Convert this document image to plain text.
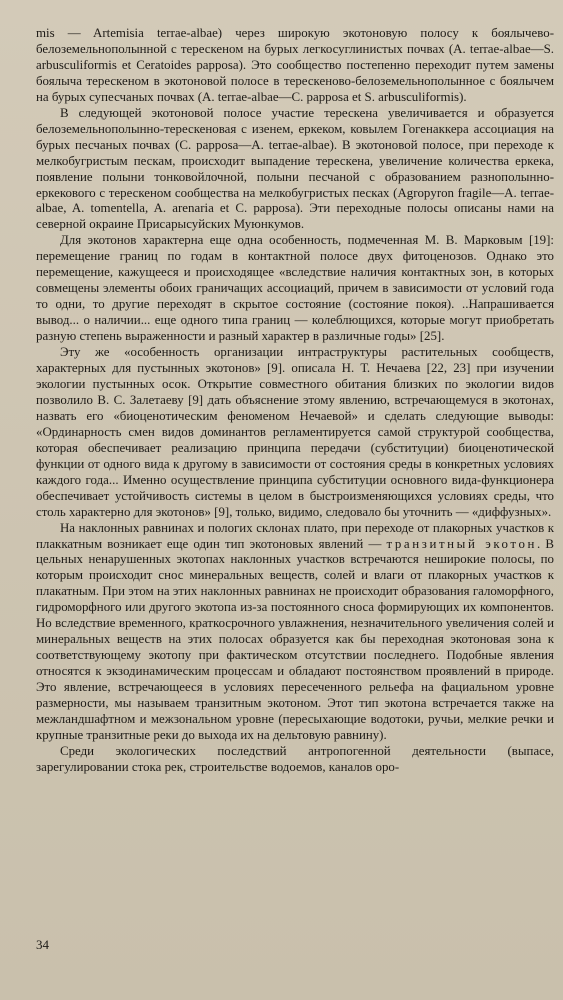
mis — Artemisia terrae-albae) через широкую экотоновую полосу к боялычево-белоземельнополынной с терескеном на бурых легкосуглинистых почвах (A. terrae-albae—S. arbusculiformis et Ceratoides papposa). Это сообщество постепенно переходит путем замены боялыча терескеном в экотоновой полосе в терескеново-белоземельнополынное с боялычем на бурых супесчаных почвах (A. terrae-albae—C. papposa et S. arbusculiformis).

В следующей экотоновой полосе участие терескена увеличивается и образуется белоземельнополынно-терескеновая с изенем, еркеком, ковылем Гогенаккера ассоциация на бурых песчаных почвах (C. papposa—A. terrae-albae). В экотоновой полосе, при переходе к мелкобугристым пескам, происходит выпадение терескена, увеличение количества еркека, появление полыни тонковойлочной, полыни песчаной с образованием разнополынно-еркекового с терескеном сообщества на мелкобугристых песках (Agropyron fragile—A. terrae-albae, A. tomentella, A. arenaria et C. papposa). Эти переходные полосы описаны нами на северной окраине Присарысуйских Муюнкумов.

Для экотонов характерна еще одна особенность, подмеченная М. В. Марковым [19]: перемещение границ по годам в контактной полосе двух фитоценозов. Однако это перемещение, кажущееся и происходящее «вследствие наличия контактных зон, в которых совмещены элементы обоих граничащих ассоциаций, причем в зависимости от условий года то одни, то другие переходят в скрытое состояние (состояние покоя). ..Напрашивается вывод... о наличии... еще одного типа границ — колеблющихся, которые могут приобретать разную степень выраженности и разный характер в различные годы» [25].

Эту же «особенность организации интраструктуры растительных сообществ, характерных для пустынных экотонов» [9]. описала Н. Т. Нечаева [22, 23] при изучении экологии пустынных осок. Открытие совместного обитания близких по экологии видов позволило В. С. Залетаеву [9] дать объяснение этому явлению, встречающемуся в экотонах, назвать его «биоценотическим феноменом Нечаевой» и сделать следующие выводы: «Ординарность смен видов доминантов регламентируется самой структурой сообщества, которая обеспечивает реализацию принципа передачи (субституции) биоценотической функции от одного вида к другому в зависимости от состояния среды в конкретных условиях каждого года... Именно осуществление принципа субституции основного вида-функционера обеспечивает устойчивость системы в целом в быстроизменяющихся условиях среды, что столь характерно для экотонов» [9], только, видимо, следовало бы уточнить — «диффузных».

На наклонных равнинах и пологих склонах плато, при переходе от плакорных участков к плаккатным возникает еще один тип экотоновых явлений — транзитный экотон. В цельных ненарушенных экотопах наклонных участков встречаются неширокие полосы, по которым происходит снос минеральных веществ, солей и влаги от плакорных участков к плакатным. При этом на этих наклонных равнинах не происходит образования галоморфного, гидроморфного или другого экотопа из-за постоянного сноса формирующих их компонентов. Но вследствие временного, краткосрочного увлажнения, незначительного увеличения солей и минеральных веществ на этих полосах образуется как бы переходная экотоновая зона к соответствующему экотопу при фактическом отсутствии последнего. Подобные явления относятся к экзодинамическим процессам и обладают постоянством проявлений в природе. Это явление, встречающееся в условиях пересеченного рельефа на фациальном уровне размерности, мы называем транзитным экотоном. Этот тип экотона встречается также на межландшафтном и межзональном уровне (пересыхающие водотоки, ручьи, мелкие речки и крупные транзитные реки до выхода их на дельтовую равнину).

Среди экологических последствий антропогенной деятельности (выпасе, зарегулировании стока рек, строительстве водоемов, каналов оро-

34
